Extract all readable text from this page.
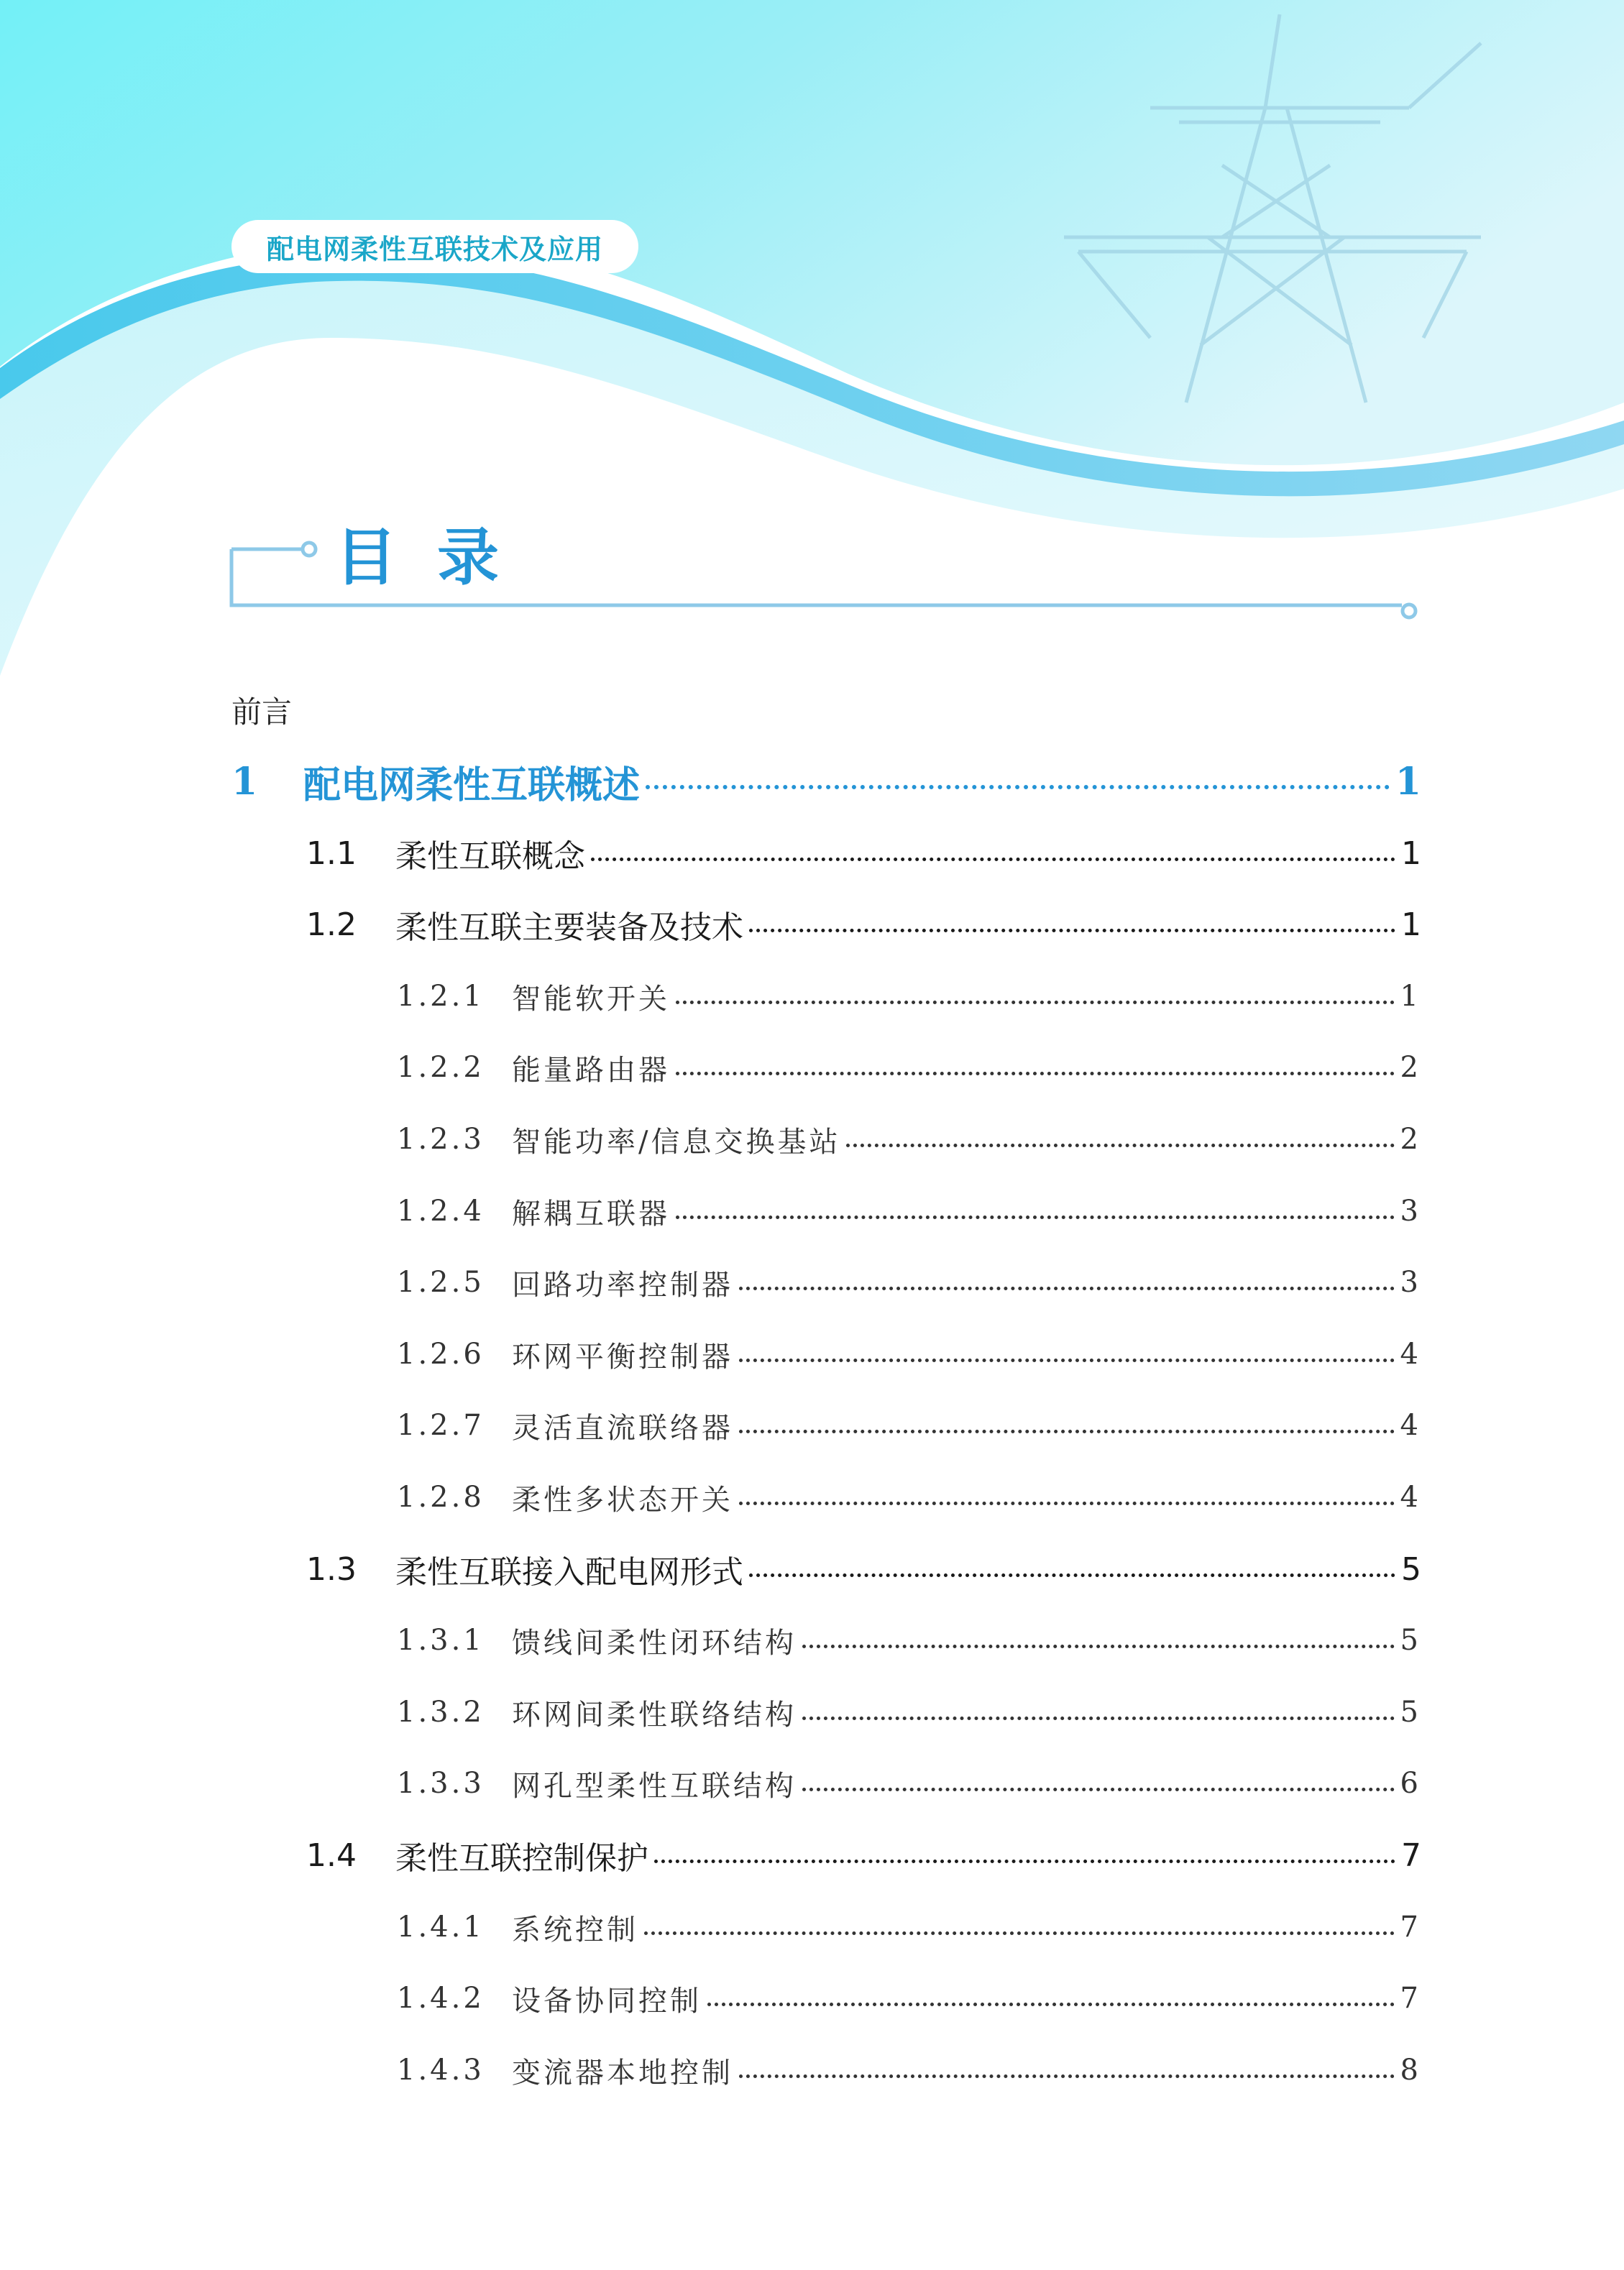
配电网柔性互联技术及应用
目录
前言
1	配电网柔性互联概述	1
1.1	柔性互联概念	1
1.2	柔性互联主要装备及技术	1
1.2.1 智能软开关	1
1.2.2 能量路由器	2
1.2.3 智能功率/信息交换基站	2
1.2.4 解耦互联器	3
1.2.5 回路功率控制器	3
1.2.6 环网平衡控制器	4
1.2.7 灵活直流联络器	4
1.2.8 柔性多状态开关	4
1.3	柔性互联接入配电网形式	5
1.3.1 馈线间柔性闭环结构	5
1.3.2 环网间柔性联络结构	5
1.3.3 网孔型柔性互联结构	6
1.4	柔性互联控制保护	7
1.4.1 系统控制	7
1.4.2 设备协同控制	7
1.4.3 变流器本地控制	8
